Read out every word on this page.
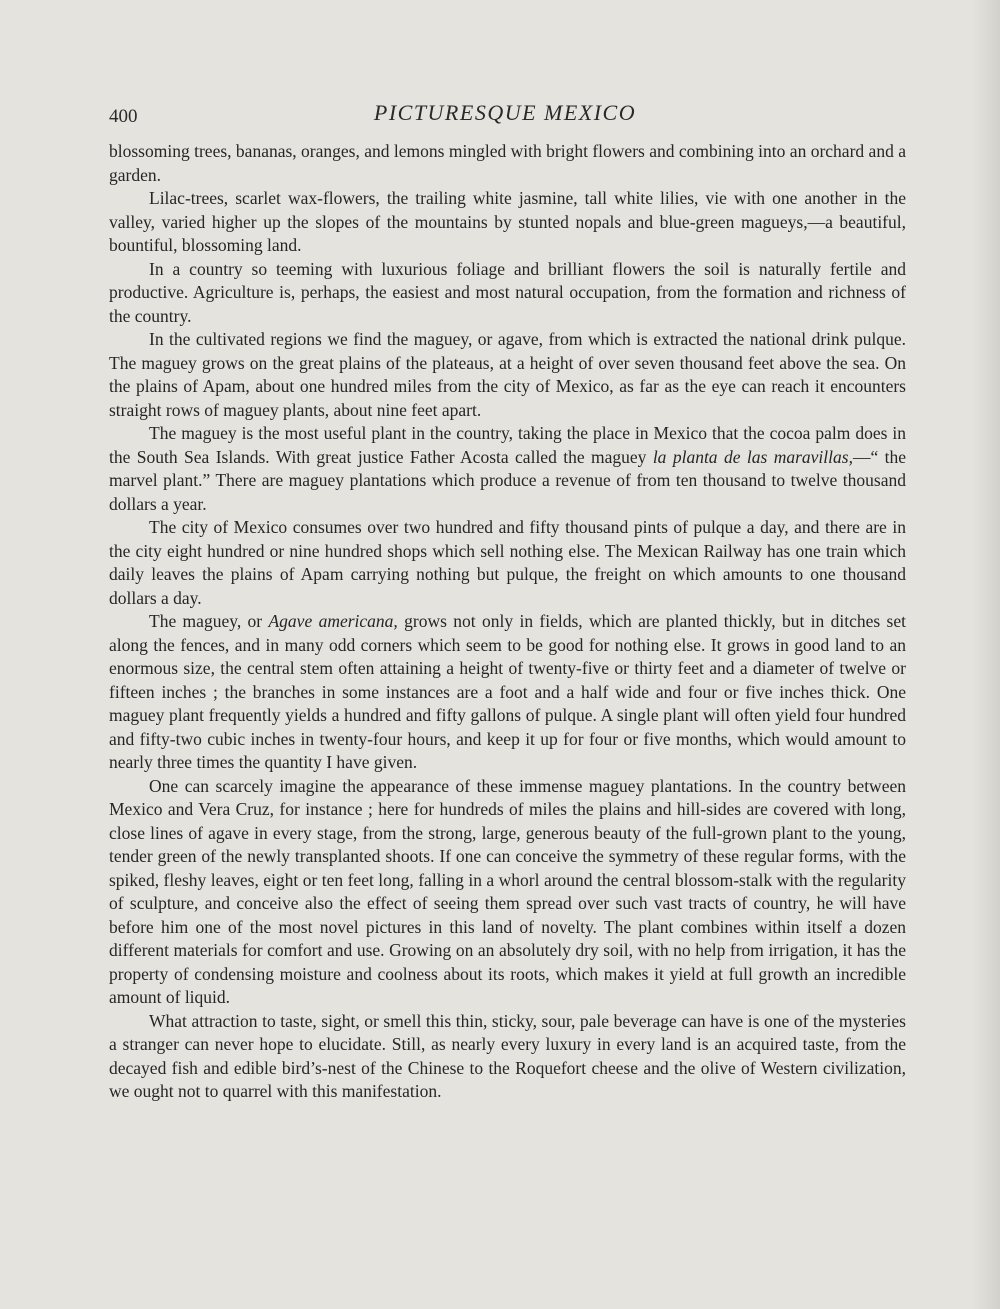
400	PICTURESQUE MEXICO

blossoming trees, bananas, oranges, and lemons mingled with bright flowers and combining into an orchard and a garden.

Lilac-trees, scarlet wax-flowers, the trailing white jasmine, tall white lilies, vie with one another in the valley, varied higher up the slopes of the mountains by stunted nopals and blue-green magueys,—a beautiful, bountiful, blossoming land.

In a country so teeming with luxurious foliage and brilliant flowers the soil is naturally fertile and productive. Agriculture is, perhaps, the easiest and most natural occupation, from the formation and richness of the country.

In the cultivated regions we find the maguey, or agave, from which is extracted the national drink pulque. The maguey grows on the great plains of the plateaus, at a height of over seven thousand feet above the sea. On the plains of Apam, about one hundred miles from the city of Mexico, as far as the eye can reach it encounters straight rows of maguey plants, about nine feet apart.

The maguey is the most useful plant in the country, taking the place in Mexico that the cocoa palm does in the South Sea Islands. With great justice Father Acosta called the maguey la planta de las maravillas,—“ the marvel plant.” There are maguey plantations which produce a revenue of from ten thousand to twelve thousand dollars a year.

The city of Mexico consumes over two hundred and fifty thousand pints of pulque a day, and there are in the city eight hundred or nine hundred shops which sell nothing else. The Mexican Railway has one train which daily leaves the plains of Apam carrying nothing but pulque, the freight on which amounts to one thousand dollars a day.

The maguey, or Agave americana, grows not only in fields, which are planted thickly, but in ditches set along the fences, and in many odd corners which seem to be good for nothing else. It grows in good land to an enormous size, the central stem often attaining a height of twenty-five or thirty feet and a diameter of twelve or fifteen inches ; the branches in some instances are a foot and a half wide and four or five inches thick. One maguey plant frequently yields a hundred and fifty gallons of pulque. A single plant will often yield four hundred and fifty-two cubic inches in twenty-four hours, and keep it up for four or five months, which would amount to nearly three times the quantity I have given.

One can scarcely imagine the appearance of these immense maguey plantations. In the country between Mexico and Vera Cruz, for instance ; here for hundreds of miles the plains and hill-sides are covered with long, close lines of agave in every stage, from the strong, large, generous beauty of the full-grown plant to the young, tender green of the newly transplanted shoots. If one can conceive the symmetry of these regular forms, with the spiked, fleshy leaves, eight or ten feet long, falling in a whorl around the central blossom-stalk with the regularity of sculpture, and conceive also the effect of seeing them spread over such vast tracts of country, he will have before him one of the most novel pictures in this land of novelty. The plant combines within itself a dozen different materials for comfort and use. Growing on an absolutely dry soil, with no help from irrigation, it has the property of condensing moisture and coolness about its roots, which makes it yield at full growth an incredible amount of liquid.

What attraction to taste, sight, or smell this thin, sticky, sour, pale beverage can have is one of the mysteries a stranger can never hope to elucidate. Still, as nearly every luxury in every land is an acquired taste, from the decayed fish and edible bird’s-nest of the Chinese to the Roquefort cheese and the olive of Western civilization, we ought not to quarrel with this manifestation.
